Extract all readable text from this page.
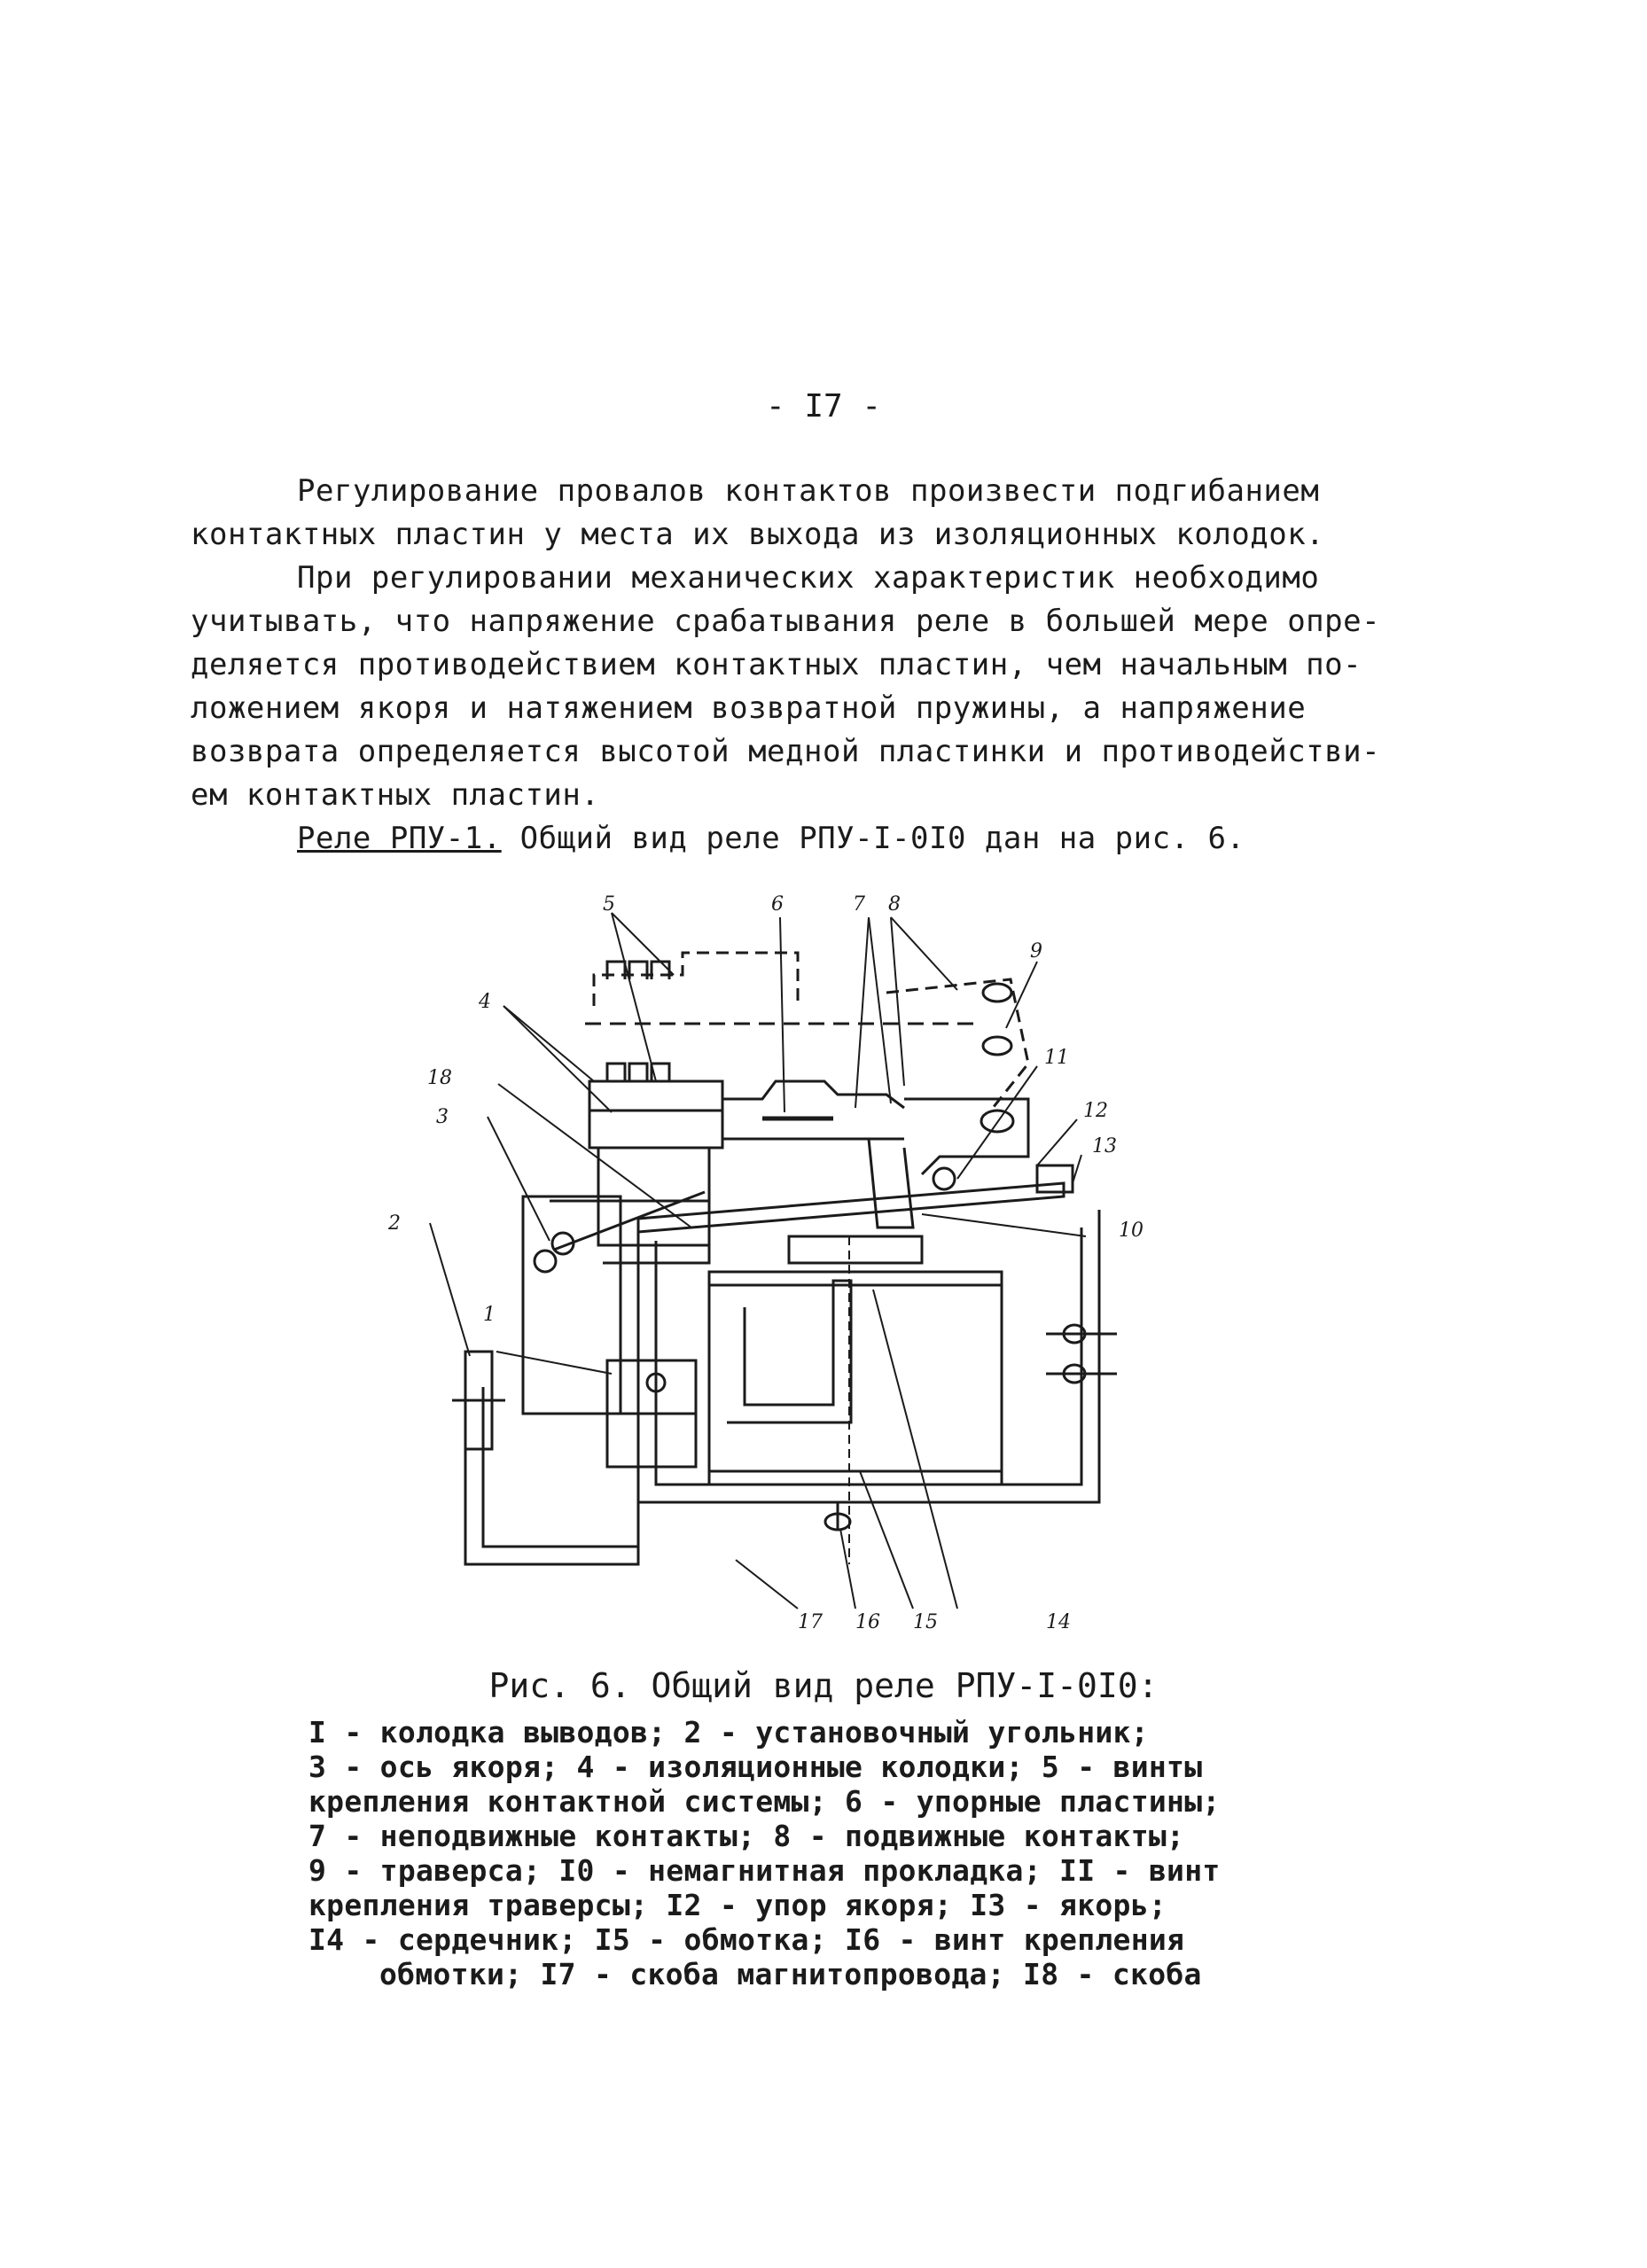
- I7 -
Регулирование провалов контактов произвести подгибанием
контактных пластин у места их выхода из изоляционных колодок.
При регулировании механических характеристик необходимо
учитывать, что напряжение срабатывания реле в большей мере опре-
деляется противодействием контактных пластин, чем начальным по-
ложением якоря и натяжением возвратной пружины, а напряжение
возврата определяется высотой медной пластинки и противодействи-
ем контактных пластин.
Реле РПУ-1. Общий вид реле РПУ-I-0I0 дан на рис. 6.
5	6	7 8
9
4
11
18
12
3
13
10
2
1
17 16 15	14
Рис. 6. Общий вид реле РПУ-I-0I0:
I - колодка выводов; 2 - установочный угольник;
3 - ось якоря; 4 - изоляционные колодки; 5 - винты
крепления контактной системы; 6 - упорные пластины;
7 - неподвижные контакты; 8 - подвижные контакты;
9 - траверса; I0 - немагнитная прокладка; II - винт
крепления траверсы; I2 - упор якоря; I3 - якорь;
I4 - сердечник; I5 - обмотка; I6 - винт крепления
обмотки; I7 - скоба магнитопровода; I8 - скоба
